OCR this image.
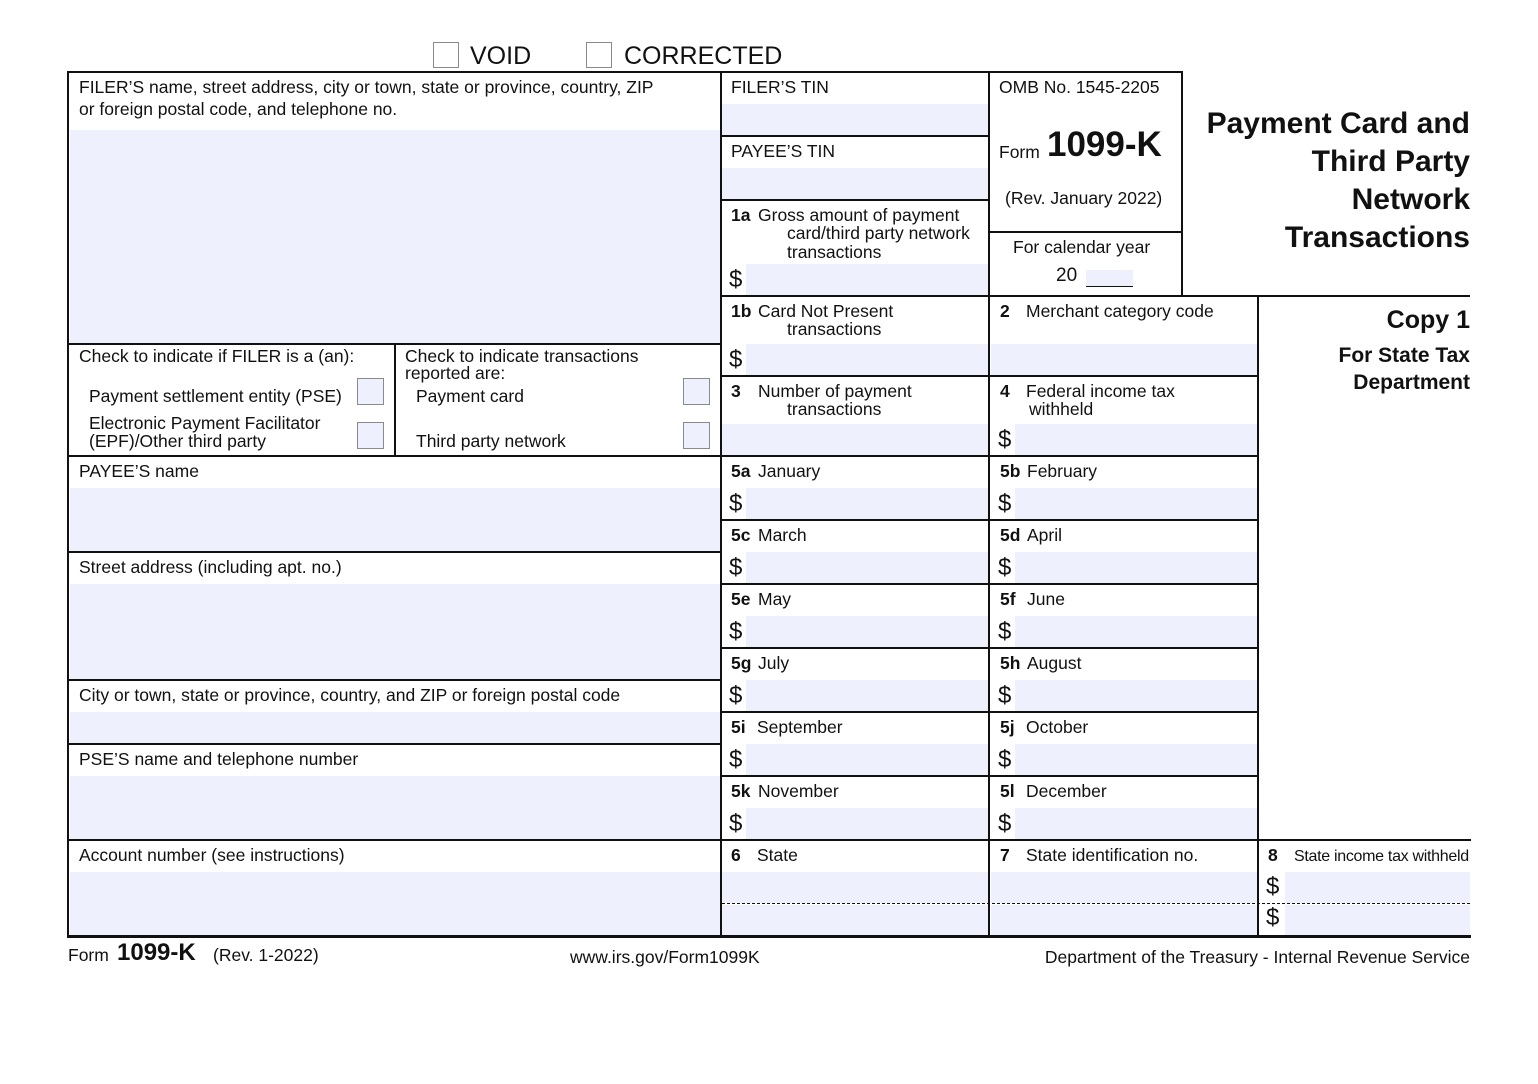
VOID	CORRECTED
FILER’S name, street address, city or town, state or province, country, ZIP
or foreign postal code, and telephone no.
Check to indicate if FILER is a (an):
Payment settlement entity (PSE)
Electronic Payment Facilitator
(EPF)/Other third party
Check to indicate transactions
reported are:
Payment card
Third party network
PAYEE’S name
Street address (including apt. no.)
City or town, state or province, country, and ZIP or foreign postal code
PSE’S name and telephone number
Account number (see instructions)
FILER’S TIN
PAYEE’S TIN
OMB No. 1545-2205
Form 1099-K
(Rev. January 2022)
For calendar year
20
Payment Card and
Third Party
Network
Transactions
Copy 1
For State Tax
Department
1a Gross amount of payment
card/third party network
transactions
$
1b Card Not Present
transactions
$
2 Merchant category code
3 Number of payment
transactions
4 Federal income tax
withheld
$
5a January
$
5b February
$
5c March
$
5d April
$
5e May
$
5f June
$
5g July
$
5h August
$
5i September
$
5j October
$
5k November
$
5l December
$
6 State	7 State identification no.	8 State income tax withheld
$
$
Form 1099-K (Rev. 1-2022)	www.irs.gov/Form1099K	Department of the Treasury - Internal Revenue Service
